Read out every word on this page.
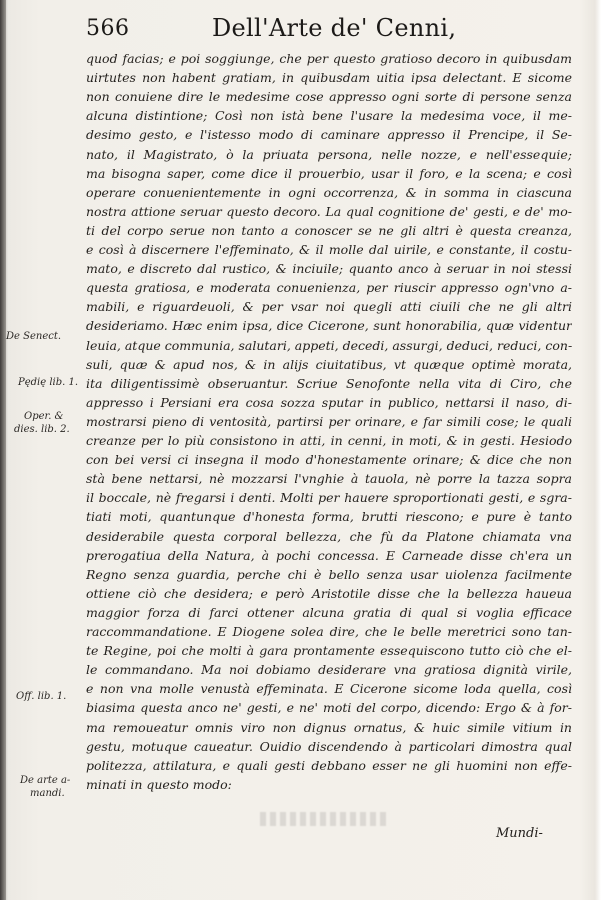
566	Dell'Arte de' Cenni,
De Senect.
Pędię lib. 1.
Oper. &
dies. lib. 2.
Off. lib. 1.
De arte a-
mandi.
quod facias; e poi soggiunge, che per questo gratioso decoro in quibusdam
uirtutes non habent gratiam, in quibusdam uitia ipsa delectant. E sicome
non conuiene dire le medesime cose appresso ogni sorte di persone senza
alcuna distintione; Così non istà bene l'usare la medesima voce, il me-
desimo gesto, e l'istesso modo di caminare appresso il Prencipe, il Se-
nato, il Magistrato, ò la priuata persona, nelle nozze, e nell'essequie;
ma bisogna saper, come dice il prouerbio, usar il foro, e la scena; e così
operare conuenientemente in ogni occorrenza, & in somma in ciascuna
nostra attione seruar questo decoro. La qual cognitione de' gesti, e de' mo-
ti del corpo serue non tanto a conoscer se ne gli altri è questa creanza,
e così à discernere l'effeminato, & il molle dal uirile, e constante, il costu-
mato, e discreto dal rustico, & inciuile; quanto anco à seruar in noi stessi
questa gratiosa, e moderata conuenienza, per riuscir appresso ogn'vno a-
mabili, e riguardeuoli, & per vsar noi quegli atti ciuili che ne gli altri
desideriamo. Hæc enim ipsa, dice Cicerone, sunt honorabilia, quæ videntur
leuia, atque communia, salutari, appeti, decedi, assurgi, deduci, reduci, con-
suli, quæ & apud nos, & in alijs ciuitatibus, vt quæque optimè morata,
ita diligentissimè obseruantur. Scriue Senofonte nella vita di Ciro, che
appresso i Persiani era cosa sozza sputar in publico, nettarsi il naso, di-
mostrarsi pieno di ventosità, partirsi per orinare, e far simili cose; le quali
creanze per lo più consistono in atti, in cenni, in moti, & in gesti. Hesiodo
con bei versi ci insegna il modo d'honestamente orinare; & dice che non
stà bene nettarsi, nè mozzarsi l'vnghie à tauola, nè porre la tazza sopra
il boccale, nè fregarsi i denti. Molti per hauere sproportionati gesti, e sgra-
tiati moti, quantunque d'honesta forma, brutti riescono; e pure è tanto
desiderabile questa corporal bellezza, che fù da Platone chiamata vna
prerogatiua della Natura, à pochi concessa. E Carneade disse ch'era un
Regno senza guardia, perche chi è bello senza usar uiolenza facilmente
ottiene ciò che desidera; e però Aristotile disse che la bellezza haueua
maggior forza di farci ottener alcuna gratia di qual si voglia efficace
raccommandatione. E Diogene solea dire, che le belle meretrici sono tan-
te Regine, poi che molti à gara prontamente essequiscono tutto ciò che el-
le commandano. Ma noi dobiamo desiderare vna gratiosa dignità virile,
e non vna molle venustà effeminata. E Cicerone sicome loda quella, così
biasima questa anco ne' gesti, e ne' moti del corpo, dicendo: Ergo & à for-
ma remoueatur omnis viro non dignus ornatus, & huic simile vitium in
gestu, motuque caueatur. Ouidio discendendo à particolari dimostra qual
politezza, attilatura, e quali gesti debbano esser ne gli huomini non effe-
minati in questo modo:
Mundi-
